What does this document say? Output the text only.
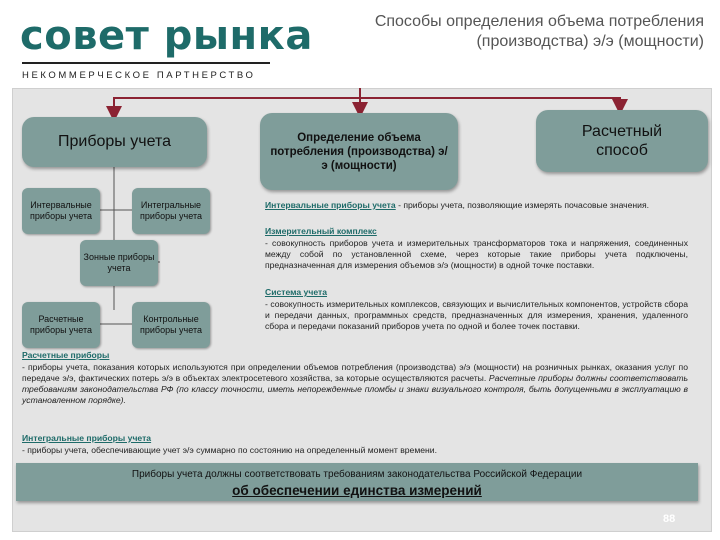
совет рынка
НЕКОММЕРЧЕСКОЕ ПАРТНЕРСТВО
Способы определения объема потребления (производства) э/э (мощности)
Приборы учета	Определение объема потребления (производства) э/э (мощности)
Расчетный способ
Интервальные приборы учета
Интегральные приборы учета
Зонные приборы учета
Расчетные приборы учета
Контрольные приборы учета
Интервальные приборы учета - приборы учета, позволяющие измерять почасовые значения.
Измерительный комплекс
- совокупность приборов учета и измерительных трансформаторов тока и напряжения, соединенных между собой по установленной схеме, через которые такие приборы учета подключены, предназначенная для измерения объемов э/э (мощности) в одной точке поставки.
Система учета
- совокупность измерительных комплексов, связующих и вычислительных компонентов, устройств сбора и передачи данных, программных средств, предназначенных для измерения, хранения, удаленного сбора и передачи показаний приборов учета по одной и более точек поставки.
Расчетные приборы
- приборы учета, показания которых используются при определении объемов потребления (производства) э/э (мощности) на розничных рынках, оказания услуг по передаче э/э, фактических потерь э/э в объектах электросетевого хозяйства, за которые осуществляются расчеты. Расчетные приборы должны соответствовать требованиям законодательства РФ (по классу точности, иметь непорежденные пломбы и знаки визуального контроля, быть допущенными в эксплуатацию в установленном порядке).
Интегральные приборы учета
- приборы учета, обеспечивающие учет э/э суммарно по состоянию на определенный момент времени.
Приборы учета должны соответствовать требованиям законодательства Российской Федерации
об обеспечении единства измерений
88
